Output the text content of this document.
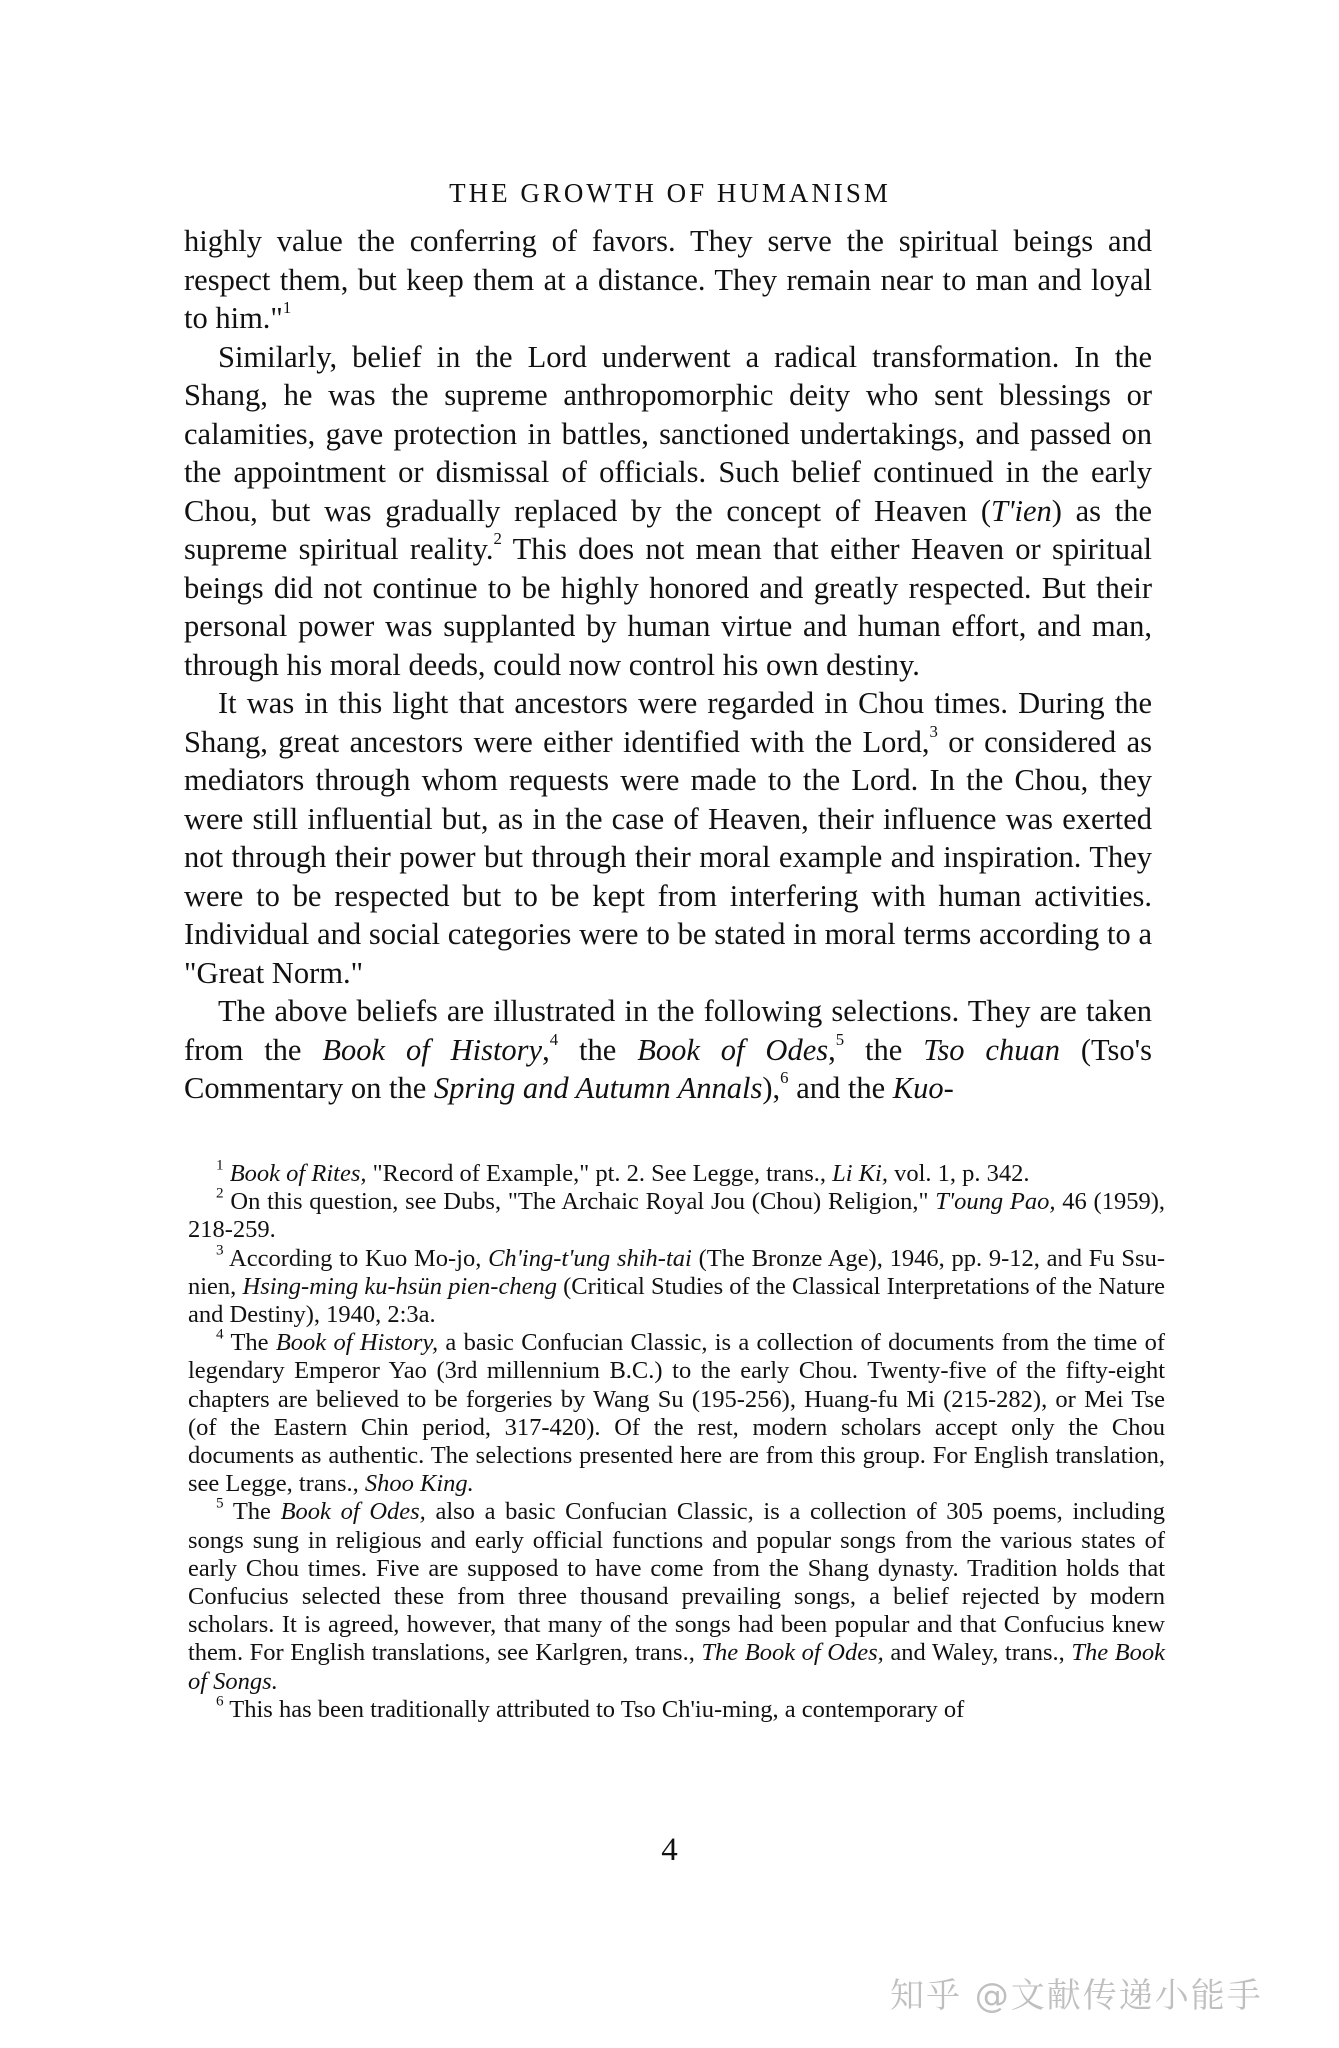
THE GROWTH OF HUMANISM

highly value the conferring of favors. They serve the spiritual beings and respect them, but keep them at a distance. They remain near to man and loyal to him."$^1$

Similarly, belief in the Lord underwent a radical transformation. In the Shang, he was the supreme anthropomorphic deity who sent blessings or calamities, gave protection in battles, sanctioned undertakings, and passed on the appointment or dismissal of officials. Such belief continued in the early Chou, but was gradually replaced by the concept of Heaven (T'ien) as the supreme spiritual reality.$^2$ This does not mean that either Heaven or spiritual beings did not continue to be highly honored and greatly respected. But their personal power was supplanted by human virtue and human effort, and man, through his moral deeds, could now control his own destiny.

It was in this light that ancestors were regarded in Chou times. During the Shang, great ancestors were either identified with the Lord,$^3$ or considered as mediators through whom requests were made to the Lord. In the Chou, they were still influential but, as in the case of Heaven, their influence was exerted not through their power but through their moral example and inspiration. They were to be respected but to be kept from interfering with human activities. Individual and social categories were to be stated in moral terms according to a "Great Norm."

The above beliefs are illustrated in the following selections. They are taken from the Book of History,$^4$ the Book of Odes,$^5$ the Tso chuan (Tso's Commentary on the Spring and Autumn Annals),$^6$ and the Kuo-

$^1$ Book of Rites, "Record of Example," pt. 2. See Legge, trans., Li Ki, vol. 1, p. 342.

$^2$ On this question, see Dubs, "The Archaic Royal Jou (Chou) Religion," T'oung Pao, 46 (1959), 218-259.

$^3$ According to Kuo Mo-jo, Ch'ing-t'ung shih-tai (The Bronze Age), 1946, pp. 9-12, and Fu Ssu-nien, Hsing-ming ku-hsün pien-cheng (Critical Studies of the Classical Interpretations of the Nature and Destiny), 1940, 2:3a.

$^4$ The Book of History, a basic Confucian Classic, is a collection of documents from the time of legendary Emperor Yao (3rd millennium B.C.) to the early Chou. Twenty-five of the fifty-eight chapters are believed to be forgeries by Wang Su (195-256), Huang-fu Mi (215-282), or Mei Tse (of the Eastern Chin period, 317-420). Of the rest, modern scholars accept only the Chou documents as authentic. The selections presented here are from this group. For English translation, see Legge, trans., Shoo King.

$^5$ The Book of Odes, also a basic Confucian Classic, is a collection of 305 poems, including songs sung in religious and early official functions and popular songs from the various states of early Chou times. Five are supposed to have come from the Shang dynasty. Tradition holds that Confucius selected these from three thousand prevailing songs, a belief rejected by modern scholars. It is agreed, however, that many of the songs had been popular and that Confucius knew them. For English translations, see Karlgren, trans., The Book of Odes, and Waley, trans., The Book of Songs.

$^6$ This has been traditionally attributed to Tso Ch'iu-ming, a contemporary of

4
知乎 @文献传递小能手
